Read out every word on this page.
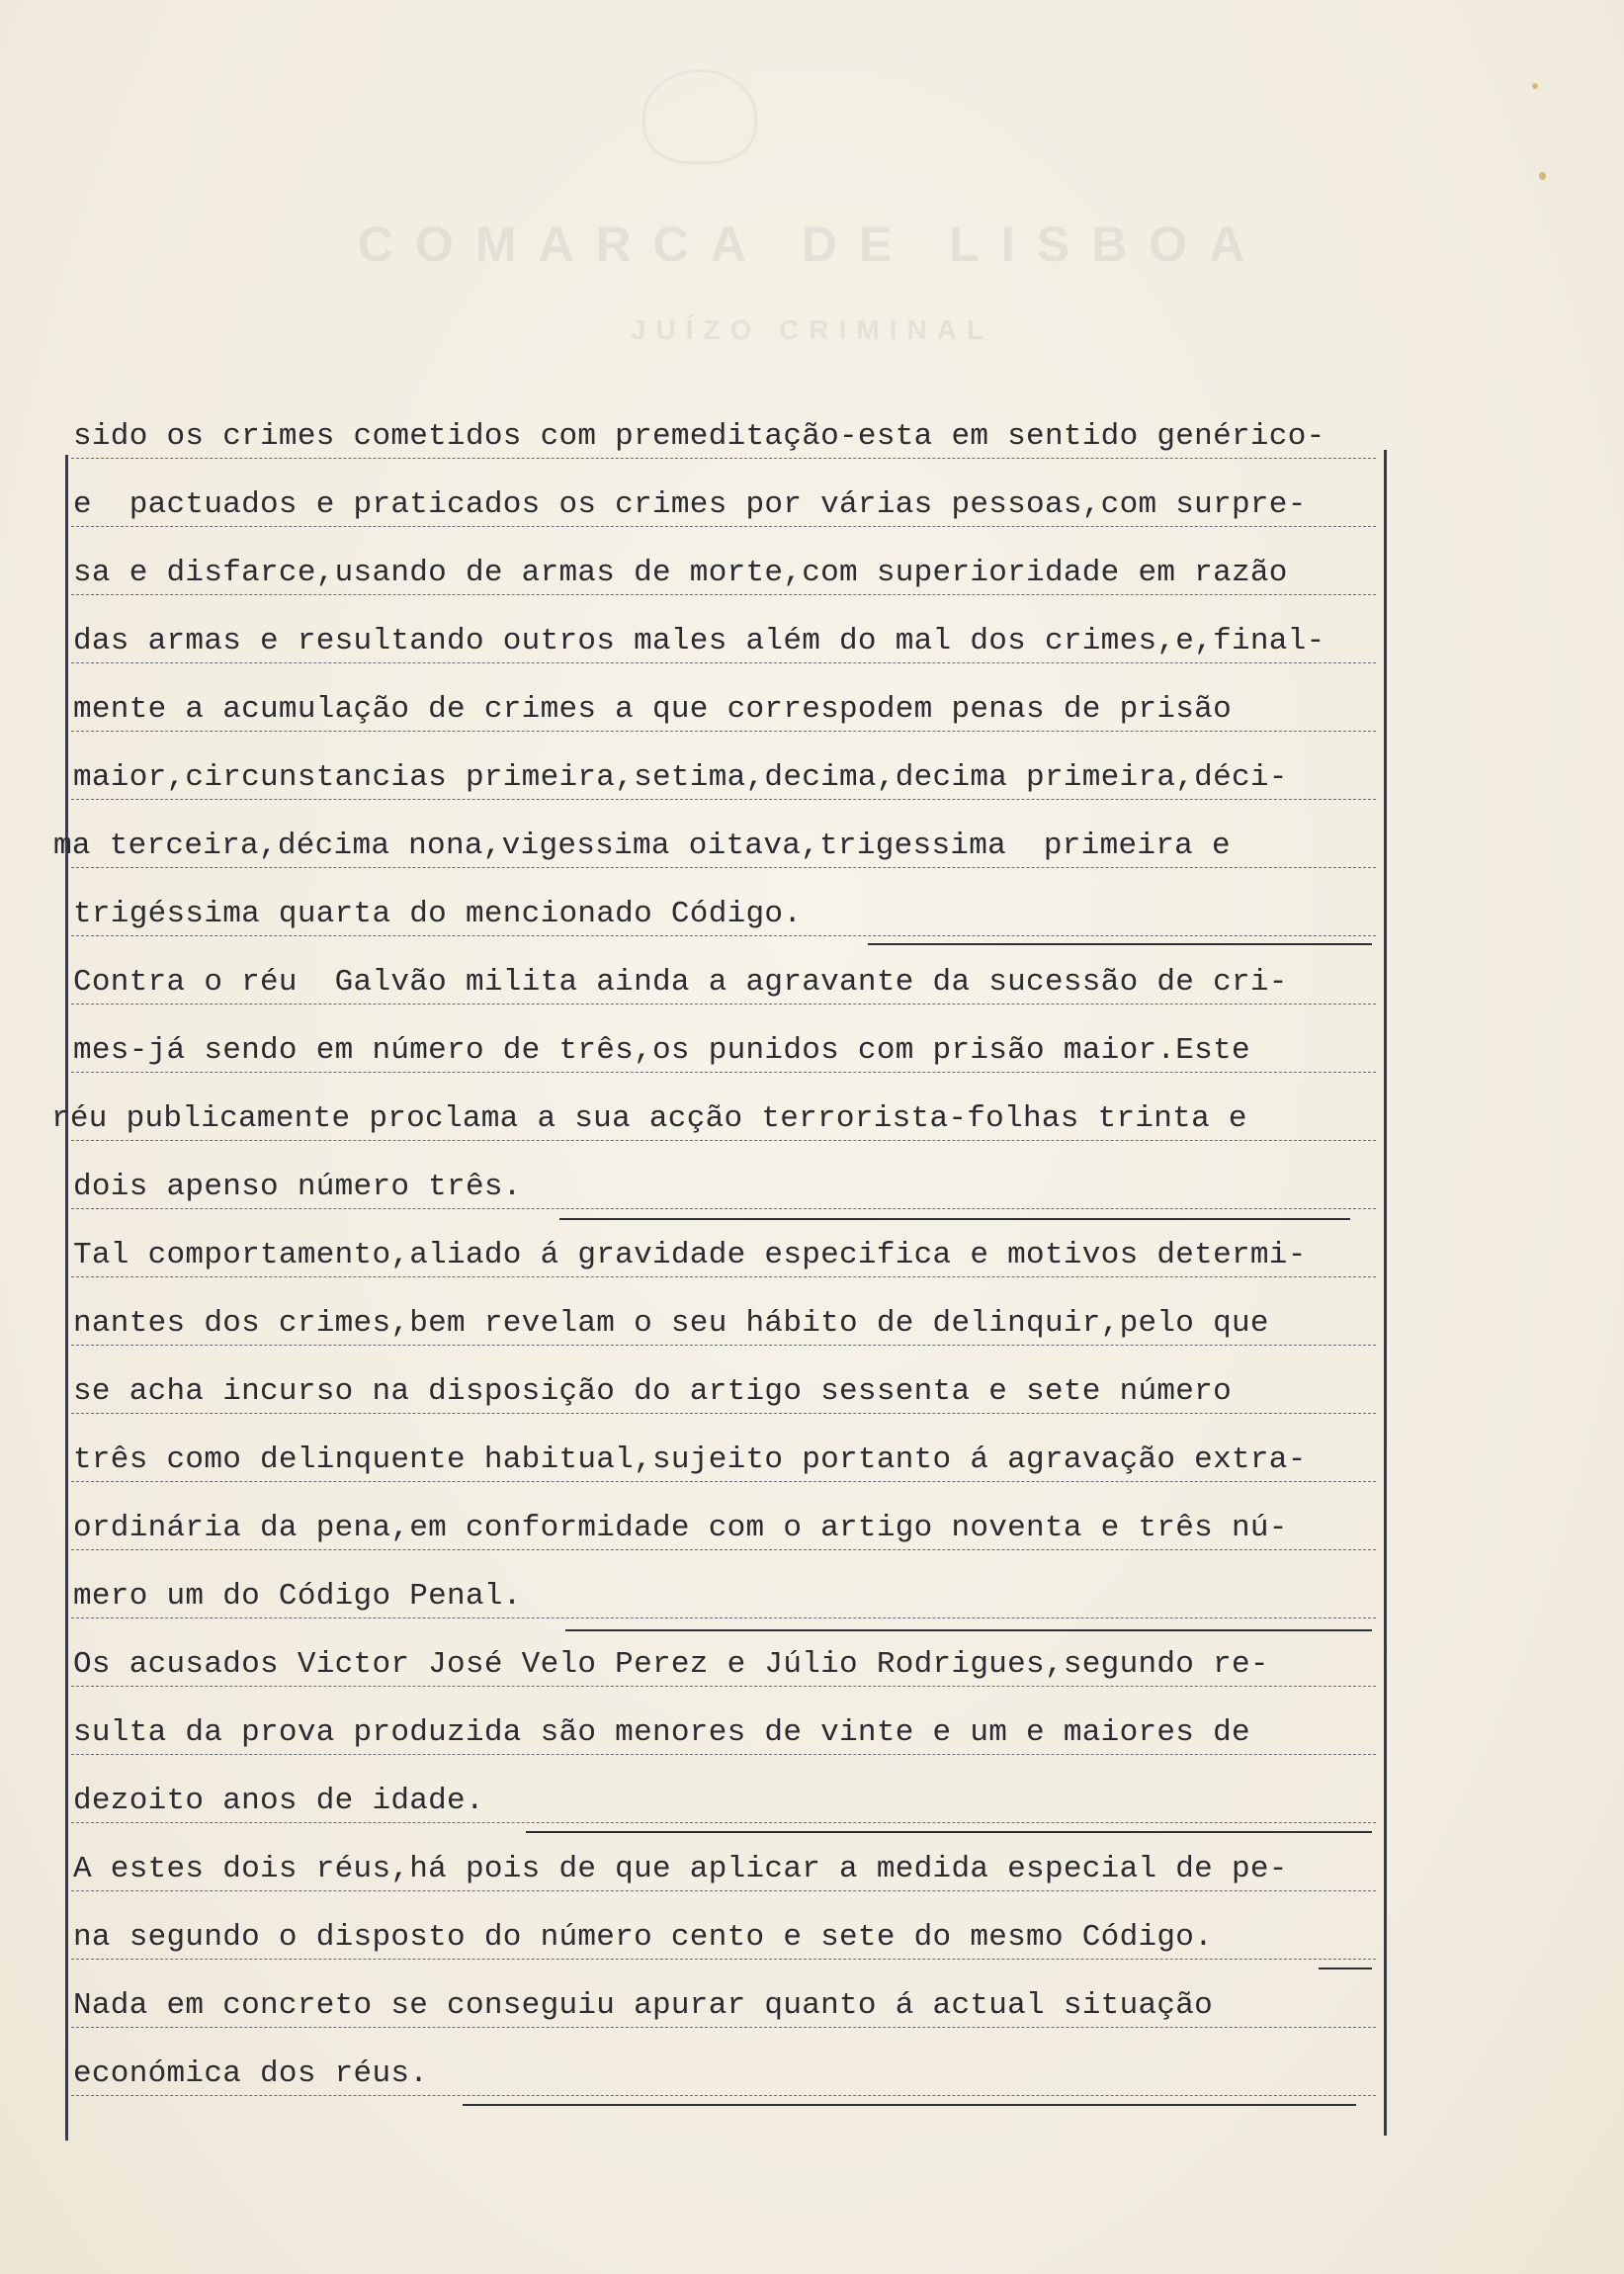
COMARCA DE LISBOA
JUÍZO CRIMINAL
sido os crimes cometidos com premeditação-esta em sentido genérico-
e  pactuados e praticados os crimes por várias pessoas,com surpre-
sa e disfarce,usando de armas de morte,com superioridade em razão
das armas e resultando outros males além do mal dos crimes,e,final-
mente a acumulação de crimes a que correspodem penas de prisão
maior,circunstancias primeira,setima,decima,decima primeira,déci-
ma terceira,décima nona,vigessima oitava,trigessima  primeira e
trigéssima quarta do mencionado Código.
Contra o réu  Galvão milita ainda a agravante da sucessão de cri-
mes-já sendo em número de três,os punidos com prisão maior.Este
réu publicamente proclama a sua acção terrorista-folhas trinta e
dois apenso número três.
Tal comportamento,aliado á gravidade especifica e motivos determi-
nantes dos crimes,bem revelam o seu hábito de delinquir,pelo que
se acha incurso na disposição do artigo sessenta e sete número
três como delinquente habitual,sujeito portanto á agravação extra-
ordinária da pena,em conformidade com o artigo noventa e três nú-
mero um do Código Penal.
Os acusados Victor José Velo Perez e Júlio Rodrigues,segundo re-
sulta da prova produzida são menores de vinte e um e maiores de
dezoito anos de idade.
A estes dois réus,há pois de que aplicar a medida especial de pe-
na segundo o disposto do número cento e sete do mesmo Código.
Nada em concreto se conseguiu apurar quanto á actual situação
económica dos réus.
